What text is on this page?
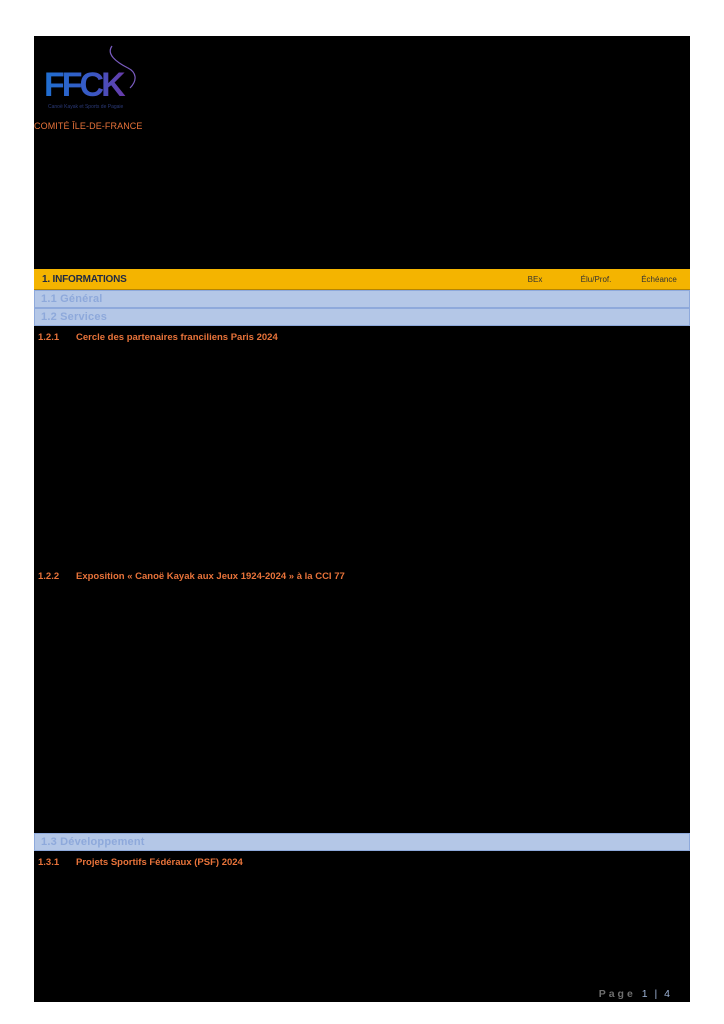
FFCK
Canoë Kayak et Sports de Pagaie
COMITÉ ÎLE-DE-FRANCE
1. INFORMATIONS	BEx	Élu/Prof.	Échéance
1.1 Général
1.2 Services
1.2.1 Cercle des partenaires franciliens Paris 2024
1.2.2 Exposition « Canoë Kayak aux Jeux 1924-2024 » à la CCI 77
1.3 Développement
1.3.1 Projets Sportifs Fédéraux (PSF) 2024
Page 1 | 4
